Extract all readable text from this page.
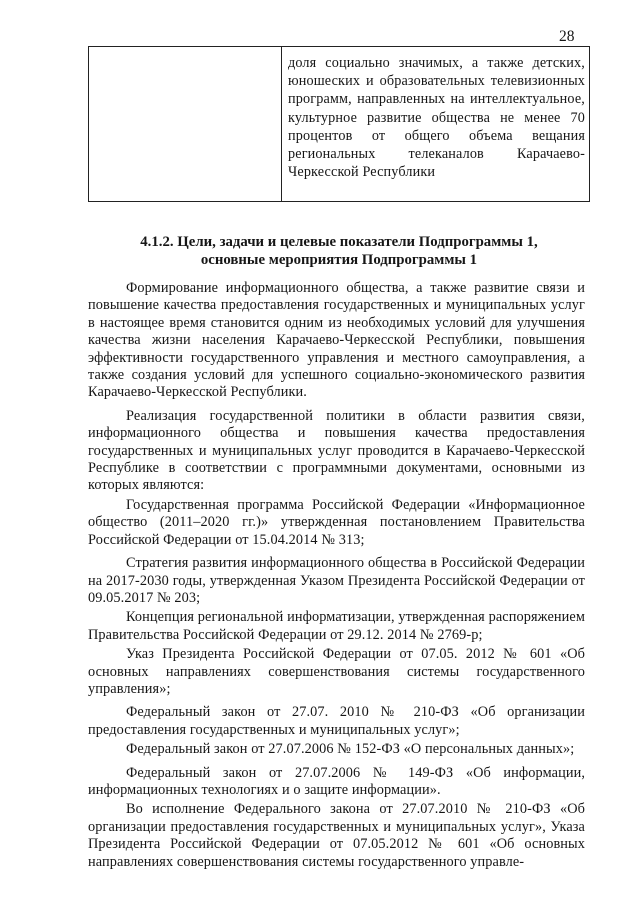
28

доля социально значимых, а также детских, юношеских и образовательных телевизионных программ, направленных на интеллектуальное, культурное развитие общества не менее 70 процентов от общего объема вещания региональных телеканалов Карачаево-Черкесской Республики

4.1.2. Цели, задачи и целевые показатели Подпрограммы 1,
основные мероприятия Подпрограммы 1

Формирование информационного общества, а также развитие связи и повышение качества предоставления государственных и муниципальных услуг в настоящее время становится одним из необходимых условий для улучшения качества жизни населения Карачаево-Черкесской Республики, повышения эффективности государственного управления и местного самоуправления, а также создания условий для успешного социально-экономического развития Карачаево-Черкесской Республики.

Реализация государственной политики в области развития связи, информационного общества и повышения качества предоставления государственных и муниципальных услуг проводится в Карачаево-Черкесской Республике в соответствии с программными документами, основными из которых являются:

Государственная программа Российской Федерации «Информационное общество (2011–2020 гг.)» утвержденная постановлением Правительства Российской Федерации от 15.04.2014 № 313;

Стратегия развития информационного общества в Российской Федерации на 2017-2030 годы, утвержденная Указом Президента Российской Федерации от 09.05.2017 № 203;

Концепция региональной информатизации, утвержденная распоряжением Правительства Российской Федерации от 29.12. 2014 № 2769-р;

Указ Президента Российской Федерации от 07.05. 2012 № 601 «Об основных направлениях совершенствования системы государственного управления»;

Федеральный закон от 27.07. 2010 № 210-ФЗ «Об организации предоставления государственных и муниципальных услуг»;

Федеральный закон от 27.07.2006 № 152-ФЗ «О персональных данных»;

Федеральный закон от 27.07.2006 № 149-ФЗ «Об информации, информационных технологиях и о защите информации».

Во исполнение Федерального закона от 27.07.2010 № 210-ФЗ «Об организации предоставления государственных и муниципальных услуг», Указа Президента Российской Федерации от 07.05.2012 № 601 «Об основных направлениях совершенствования системы государственного управле-
